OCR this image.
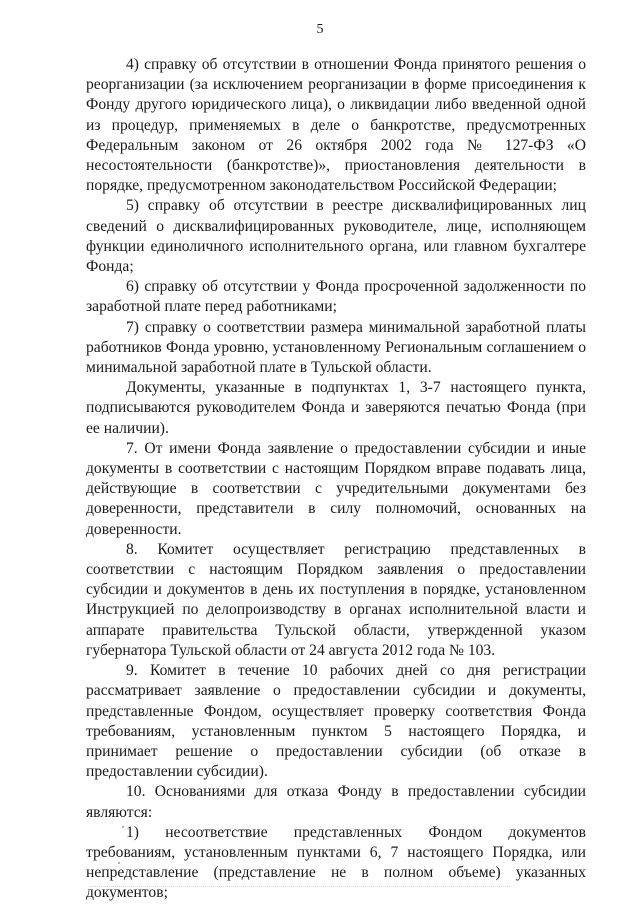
5

4) справку об отсутствии в отношении Фонда принятого решения о реорганизации (за исключением реорганизации в форме присоединения к Фонду другого юридического лица), о ликвидации либо введенной одной из процедур, применяемых в деле о банкротстве, предусмотренных Федеральным законом от 26 октября 2002 года № 127-ФЗ «О несостоятельности (банкротстве)», приостановления деятельности в порядке, предусмотренном законодательством Российской Федерации;

5) справку об отсутствии в реестре дисквалифицированных лиц сведений о дисквалифицированных руководителе, лице, исполняющем функции единоличного исполнительного органа, или главном бухгалтере Фонда;

6) справку об отсутствии у Фонда просроченной задолженности по заработной плате перед работниками;

7) справку о соответствии размера минимальной заработной платы работников Фонда уровню, установленному Региональным соглашением о минимальной заработной плате в Тульской области.

Документы, указанные в подпунктах 1, 3-7 настоящего пункта, подписываются руководителем Фонда и заверяются печатью Фонда (при ее наличии).

7. От имени Фонда заявление о предоставлении субсидии и иные документы в соответствии с настоящим Порядком вправе подавать лица, действующие в соответствии с учредительными документами без доверенности, представители в силу полномочий, основанных на доверенности.

8. Комитет осуществляет регистрацию представленных в соответствии с настоящим Порядком заявления о предоставлении субсидии и документов в день их поступления в порядке, установленном Инструкцией по делопроизводству в органах исполнительной власти и аппарате правительства Тульской области, утвержденной указом губернатора Тульской области от 24 августа 2012 года № 103.

9. Комитет в течение 10 рабочих дней со дня регистрации рассматривает заявление о предоставлении субсидии и документы, представленные Фондом, осуществляет проверку соответствия Фонда требованиям, установленным пунктом 5 настоящего Порядка, и принимает решение о предоставлении субсидии (об отказе в предоставлении субсидии).

10. Основаниями для отказа Фонду в предоставлении субсидии являются:

1) несоответствие представленных Фондом документов требованиям, установленным пунктами 6, 7 настоящего Порядка, или непредставление (представление не в полном объеме) указанных документов;
